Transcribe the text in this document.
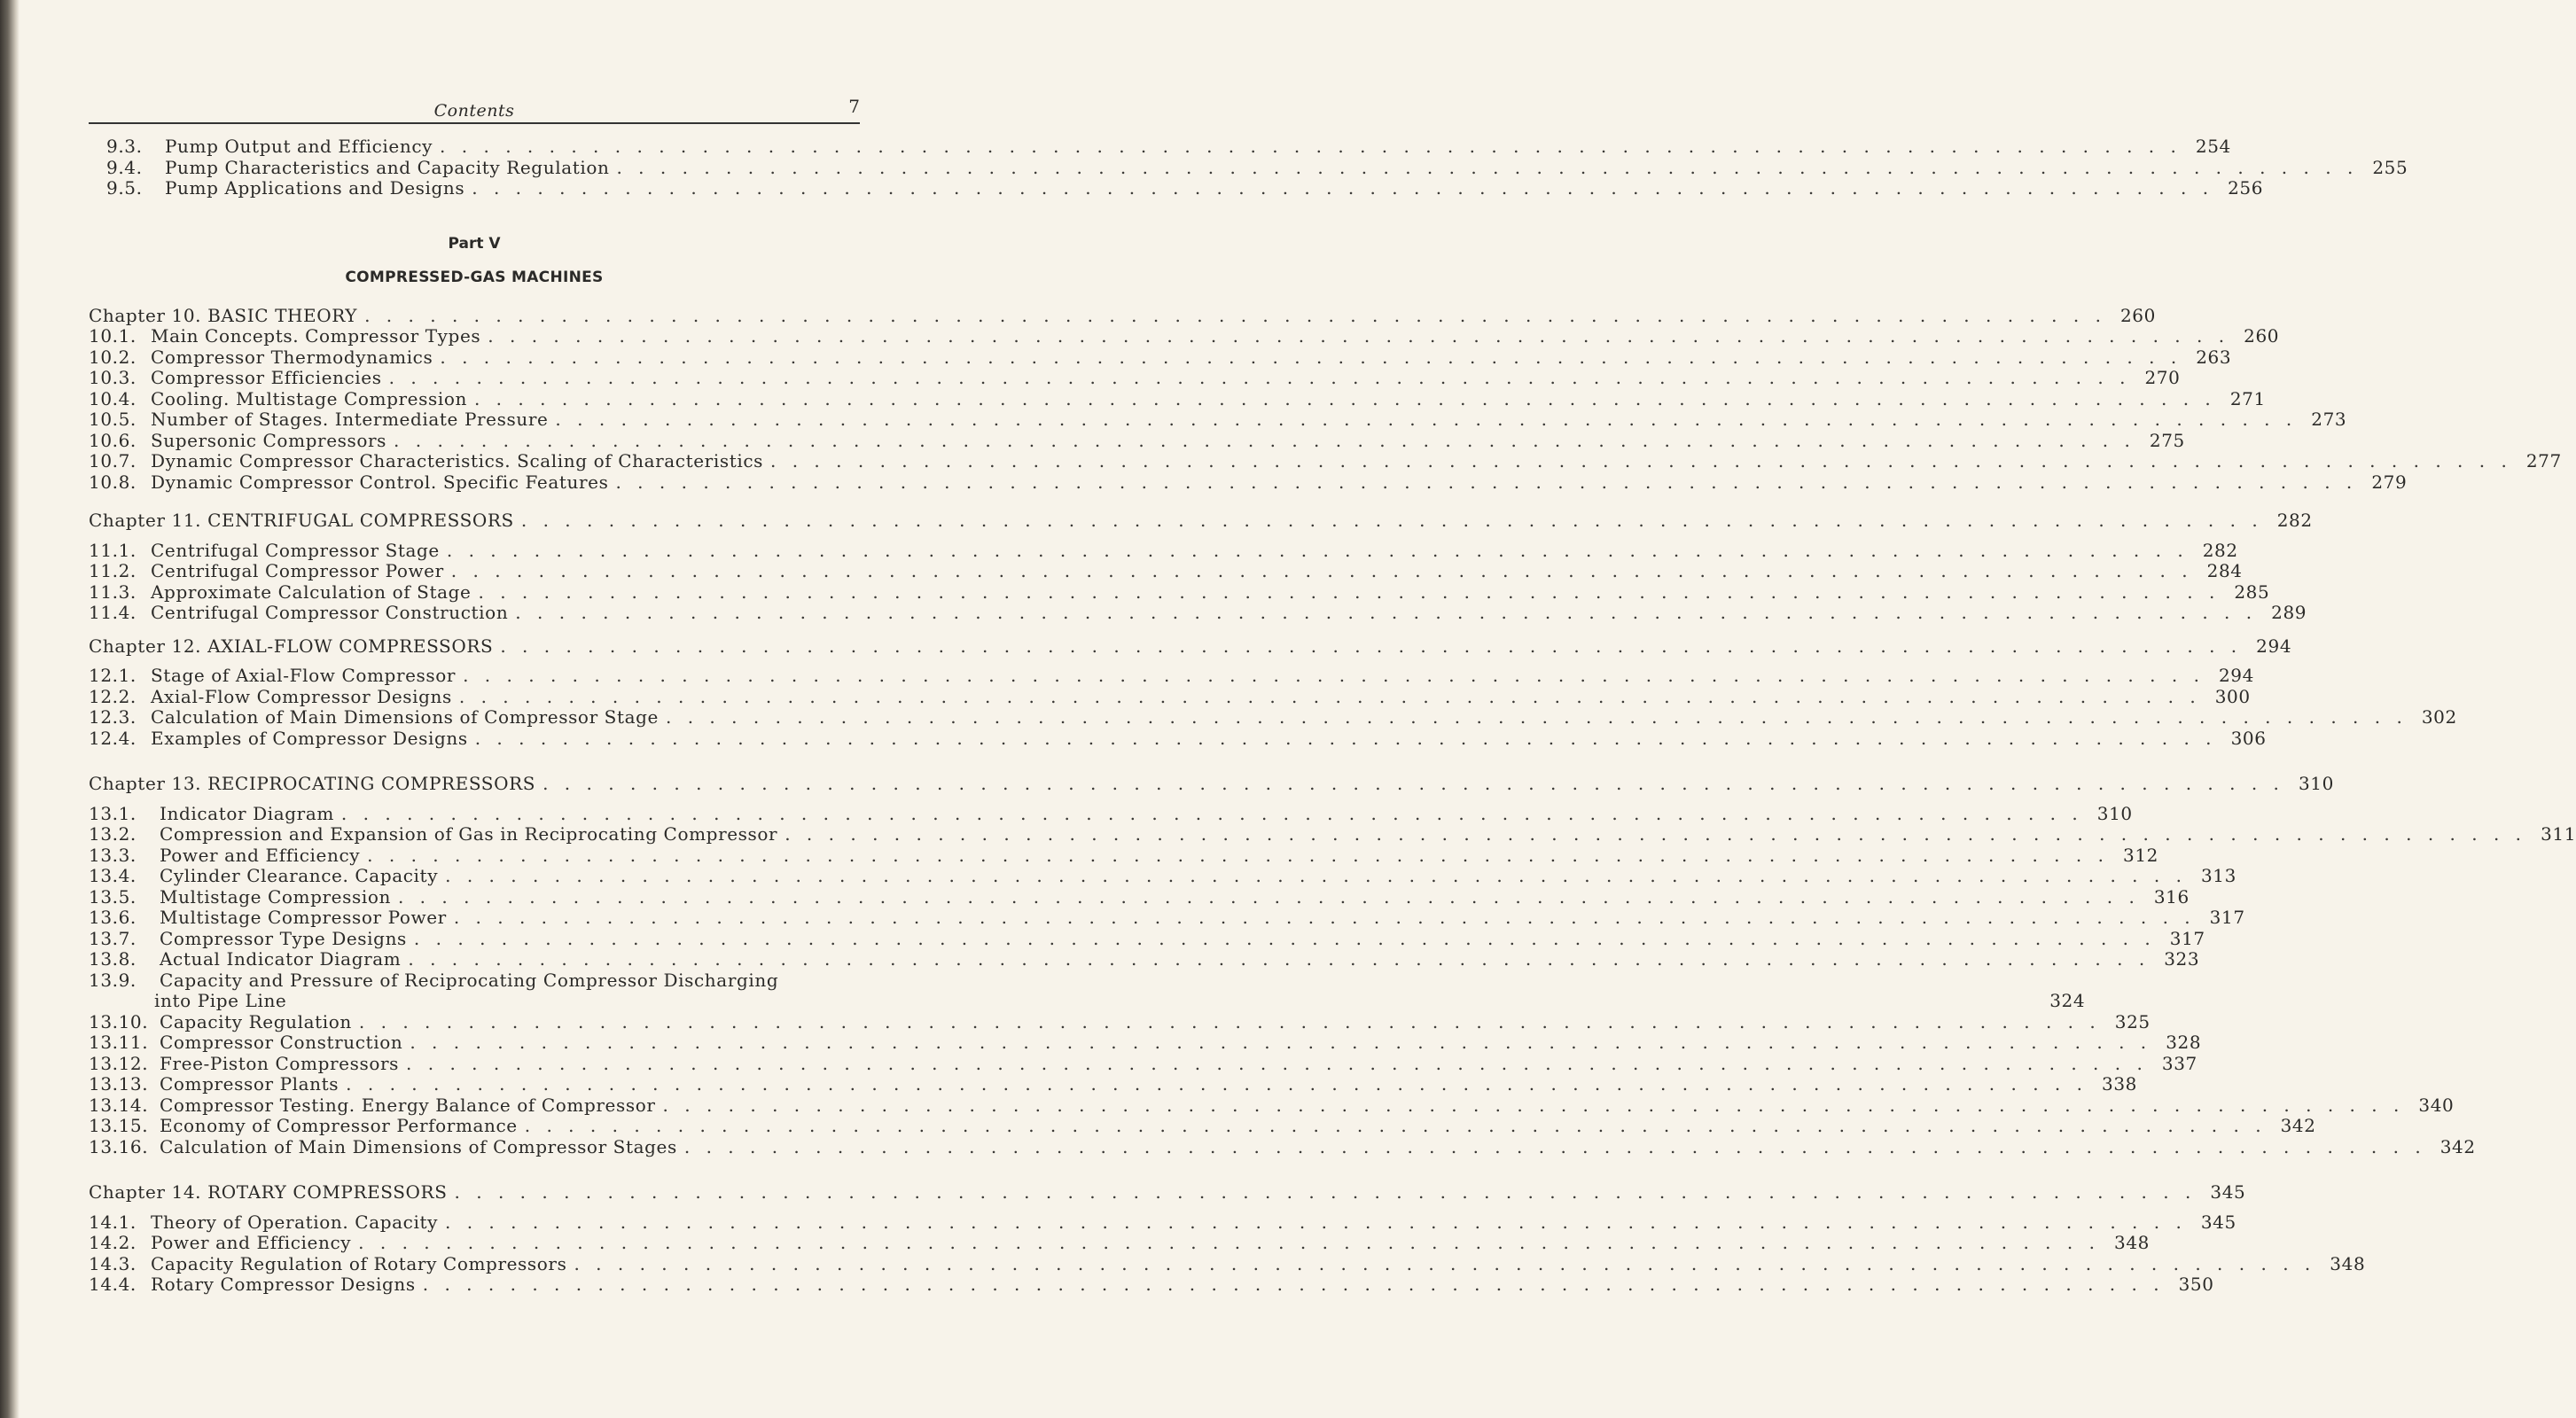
Contents	7
9.3.	Pump Output and Efficiency . . .	254
9.4.	Pump Characteristics and Capacity Regulation . . .	255
9.5.	Pump Applications and Designs . . .	256
Part V
COMPRESSED-GAS MACHINES
Chapter 10. BASIC THEORY . . .	260
10.1. Main Concepts. Compressor Types . . .	260
10.2. Compressor Thermodynamics . . .	263
10.3. Compressor Efficiencies . . .	270
10.4. Cooling. Multistage Compression . . .	271
10.5. Number of Stages. Intermediate Pressure . . .	273
10.6. Supersonic Compressors . . .	275
10.7. Dynamic Compressor Characteristics. Scaling of Characteristics . . .	277
10.8. Dynamic Compressor Control. Specific Features . . .	279
Chapter 11. CENTRIFUGAL COMPRESSORS . . .	282
11.1. Centrifugal Compressor Stage . . .	282
11.2. Centrifugal Compressor Power . . .	284
11.3. Approximate Calculation of Stage . . .	285
11.4. Centrifugal Compressor Construction . . .	289
Chapter 12. AXIAL-FLOW COMPRESSORS . . .	294
12.1. Stage of Axial-Flow Compressor . . .	294
12.2. Axial-Flow Compressor Designs . . .	300
12.3. Calculation of Main Dimensions of Compressor Stage . . .	302
12.4. Examples of Compressor Designs . . .	306
Chapter 13. RECIPROCATING COMPRESSORS . . .	310
13.1.	Indicator Diagram . . .	310
13.2.	Compression and Expansion of Gas in Reciprocating Compressor . . .	311
13.3.	Power and Efficiency . . .	312
13.4.	Cylinder Clearance. Capacity . . .	313
13.5.	Multistage Compression . . .	316
13.6.	Multistage Compressor Power . . .	317
13.7.	Compressor Type Designs . . .	317
13.8.	Actual Indicator Diagram . . .	323
13.9.	Capacity and Pressure of Reciprocating Compressor Discharging
into Pipe Line	324
13.10. Capacity Regulation . . .	325
13.11. Compressor Construction . . .	328
13.12. Free-Piston Compressors . . .	337
13.13. Compressor Plants . . .	338
13.14. Compressor Testing. Energy Balance of Compressor . . .	340
13.15. Economy of Compressor Performance . . .	342
13.16. Calculation of Main Dimensions of Compressor Stages . . .	342
Chapter 14. ROTARY COMPRESSORS . . .	345
14.1. Theory of Operation. Capacity . . .	345
14.2. Power and Efficiency . . .	348
14.3. Capacity Regulation of Rotary Compressors . . .	348
14.4. Rotary Compressor Designs . . .	350
